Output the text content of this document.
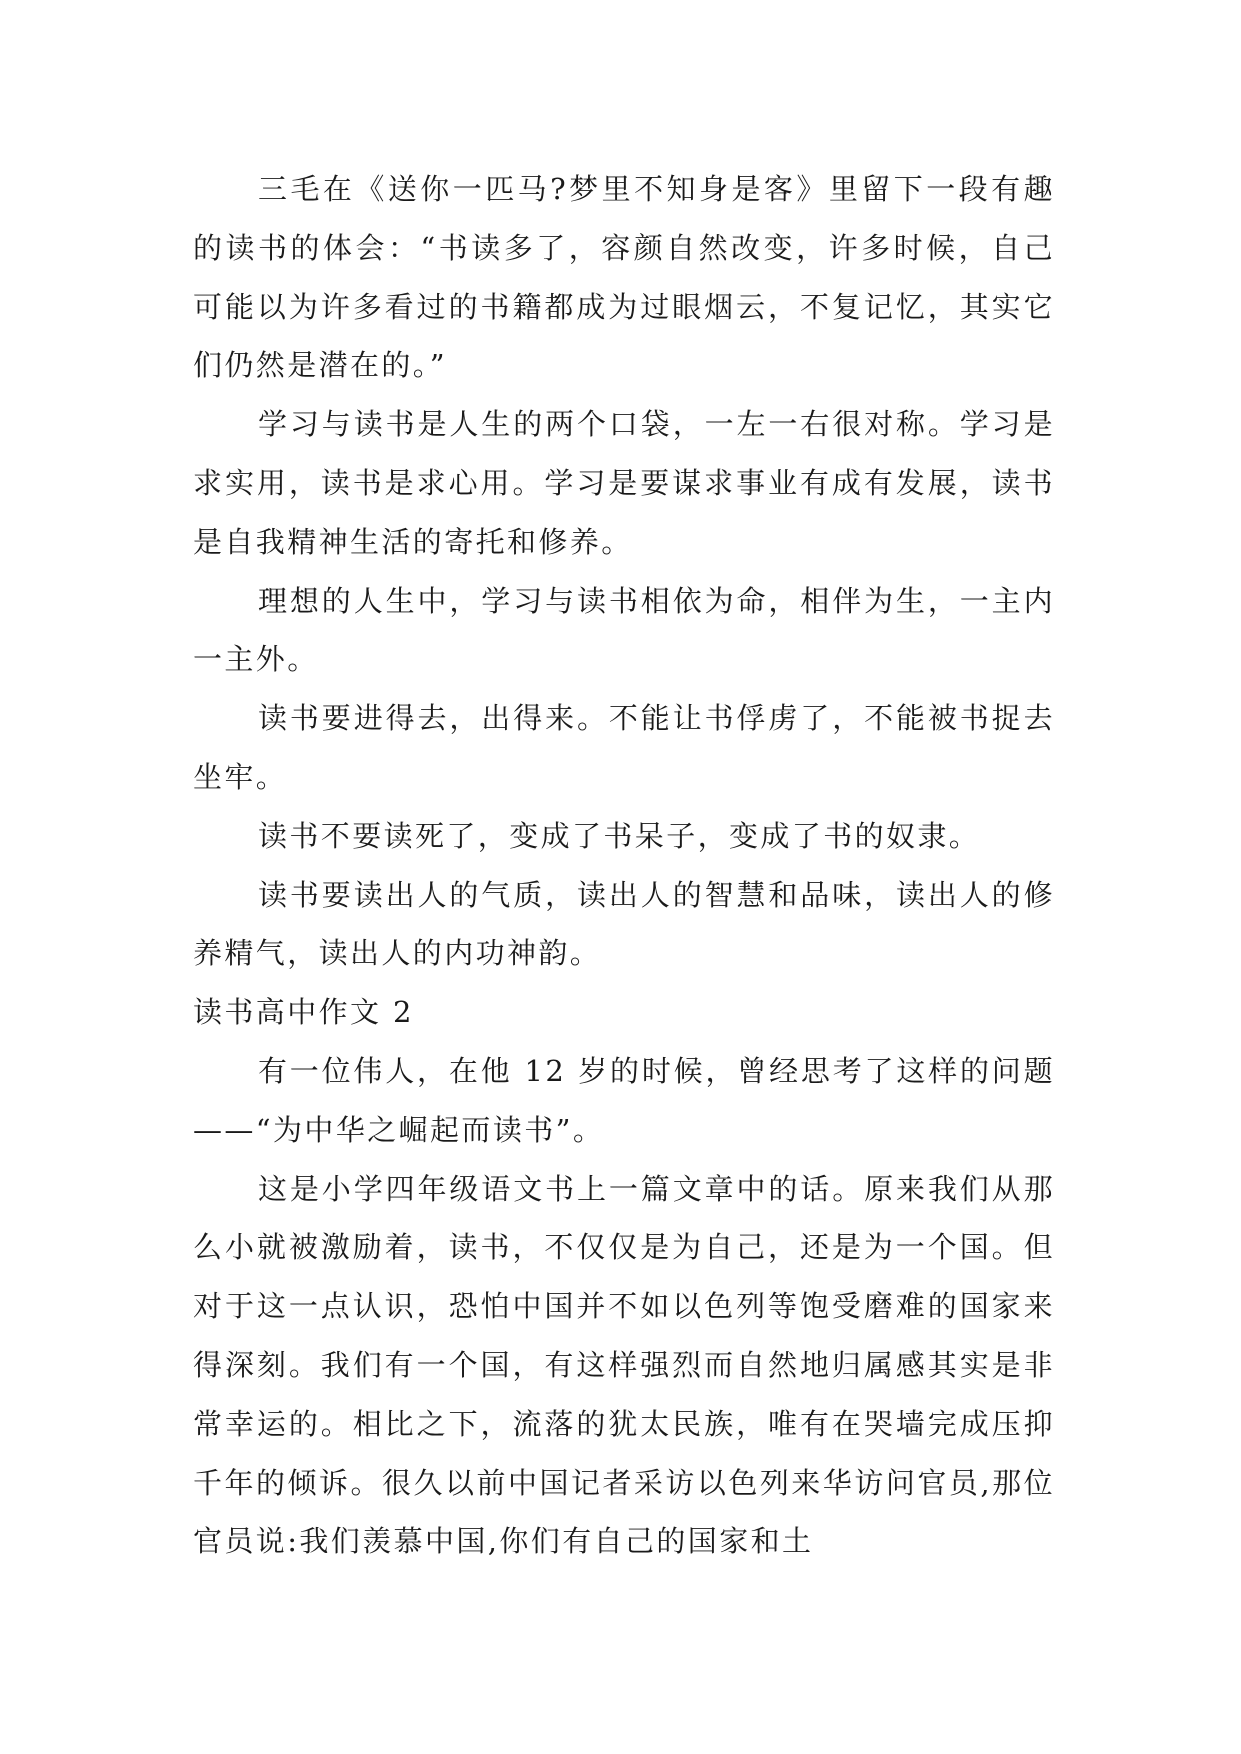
三毛在《送你一匹马?梦里不知身是客》里留下一段有趣的读书的体会：“书读多了，容颜自然改变，许多时候，自己可能以为许多看过的书籍都成为过眼烟云，不复记忆，其实它们仍然是潜在的。”

学习与读书是人生的两个口袋，一左一右很对称。学习是求实用，读书是求心用。学习是要谋求事业有成有发展，读书是自我精神生活的寄托和修养。

理想的人生中，学习与读书相依为命，相伴为生，一主内一主外。

读书要进得去，出得来。不能让书俘虏了，不能被书捉去坐牢。

读书不要读死了，变成了书呆子，变成了书的奴隶。

读书要读出人的气质，读出人的智慧和品味，读出人的修养精气，读出人的内功神韵。

读书高中作文 2

有一位伟人，在他 12 岁的时候，曾经思考了这样的问题——“为中华之崛起而读书”。

这是小学四年级语文书上一篇文章中的话。原来我们从那么小就被激励着，读书，不仅仅是为自己，还是为一个国。但对于这一点认识，恐怕中国并不如以色列等饱受磨难的国家来得深刻。我们有一个国，有这样强烈而自然地归属感其实是非常幸运的。相比之下，流落的犹太民族，唯有在哭墙完成压抑千年的倾诉。很久以前中国记者采访以色列来华访问官员,那位官员说:我们羡慕中国,你们有自己的国家和土
